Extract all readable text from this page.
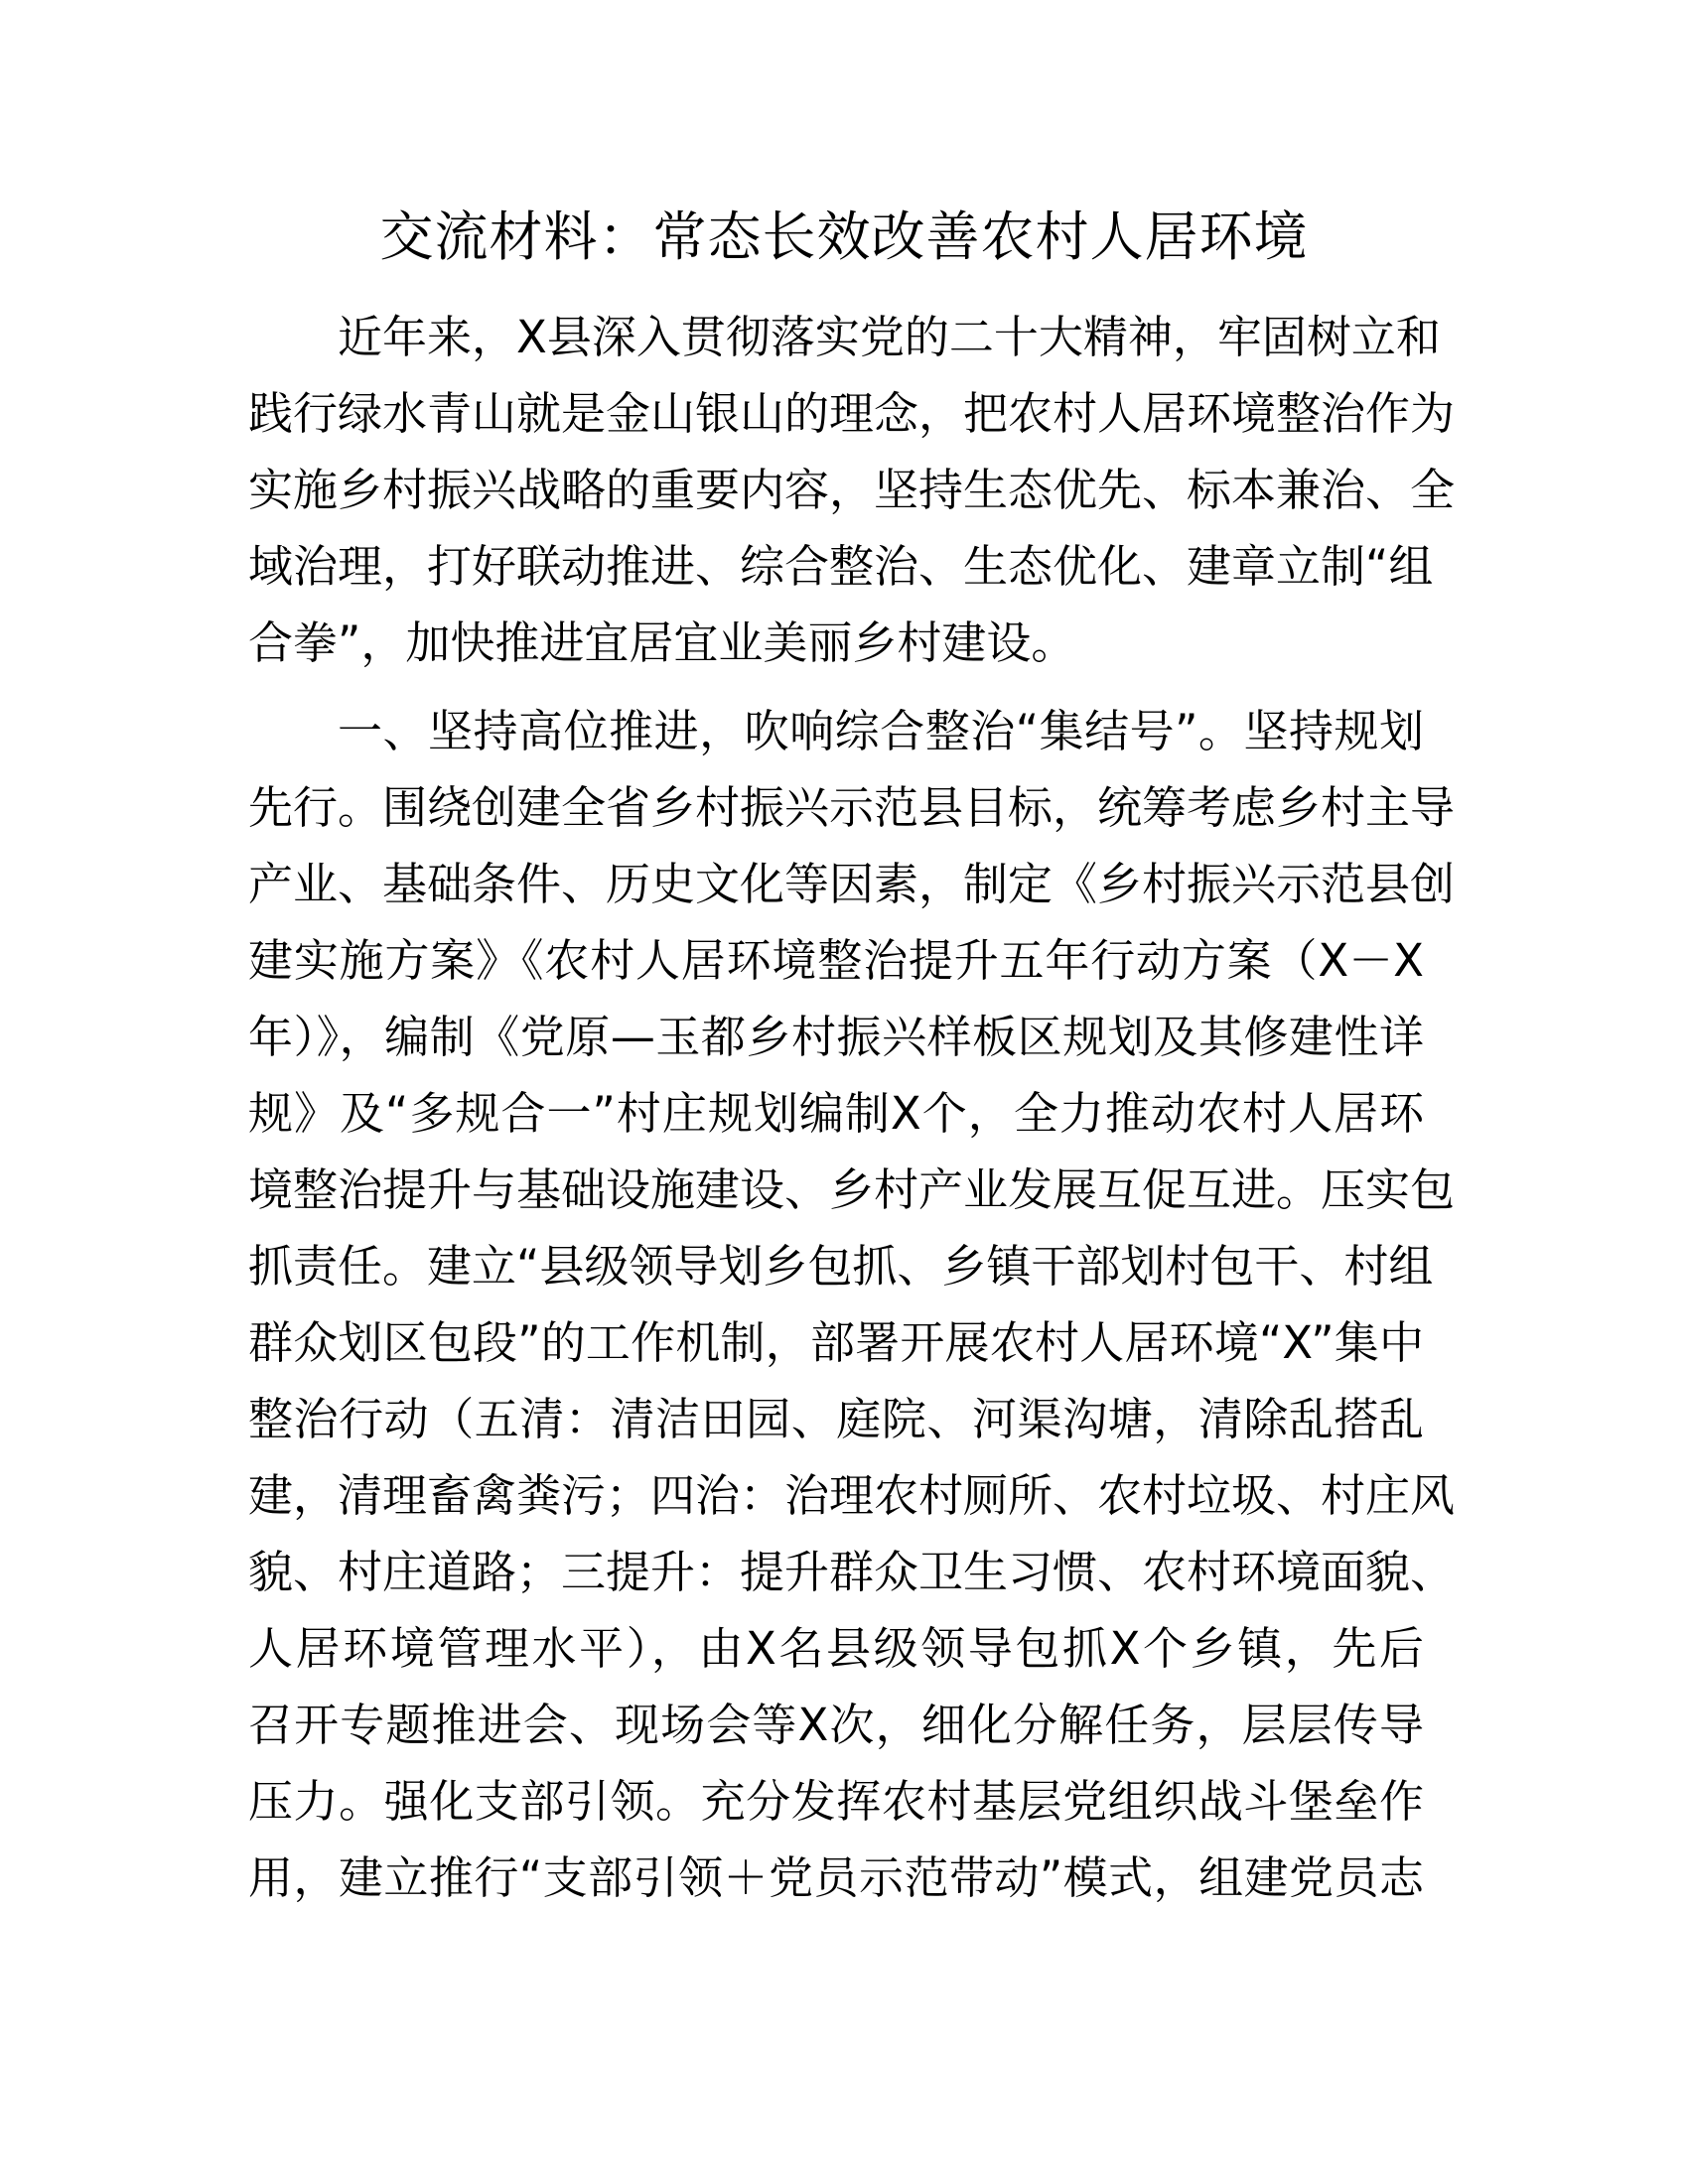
交流材料：常态长效改善农村人居环境
近年来，X县深入贯彻落实党的二十大精神，牢固树立和
践行绿水青山就是金山银山的理念，把农村人居环境整治作为
实施乡村振兴战略的重要内容，坚持生态优先、标本兼治、全
域治理，打好联动推进、综合整治、生态优化、建章立制“组
合拳”，加快推进宜居宜业美丽乡村建设。
一、坚持高位推进，吹响综合整治“集结号”。坚持规划
先行。围绕创建全省乡村振兴示范县目标，统筹考虑乡村主导
产业、基础条件、历史文化等因素，制定《乡村振兴示范县创
建实施方案》《农村人居环境整治提升五年行动方案（X－X
年）》，编制《党原—玉都乡村振兴样板区规划及其修建性详
规》及“多规合一”村庄规划编制X个，全力推动农村人居环
境整治提升与基础设施建设、乡村产业发展互促互进。压实包
抓责任。建立“县级领导划乡包抓、乡镇干部划村包干、村组
群众划区包段”的工作机制，部署开展农村人居环境“X”集中
整治行动（五清：清洁田园、庭院、河渠沟塘，清除乱搭乱
建，清理畜禽粪污；四治：治理农村厕所、农村垃圾、村庄风
貌、村庄道路；三提升：提升群众卫生习惯、农村环境面貌、
人居环境管理水平），由X名县级领导包抓X个乡镇，先后
召开专题推进会、现场会等X次，细化分解任务，层层传导
压力。强化支部引领。充分发挥农村基层党组织战斗堡垒作
用，建立推行“支部引领＋党员示范带动”模式，组建党员志
